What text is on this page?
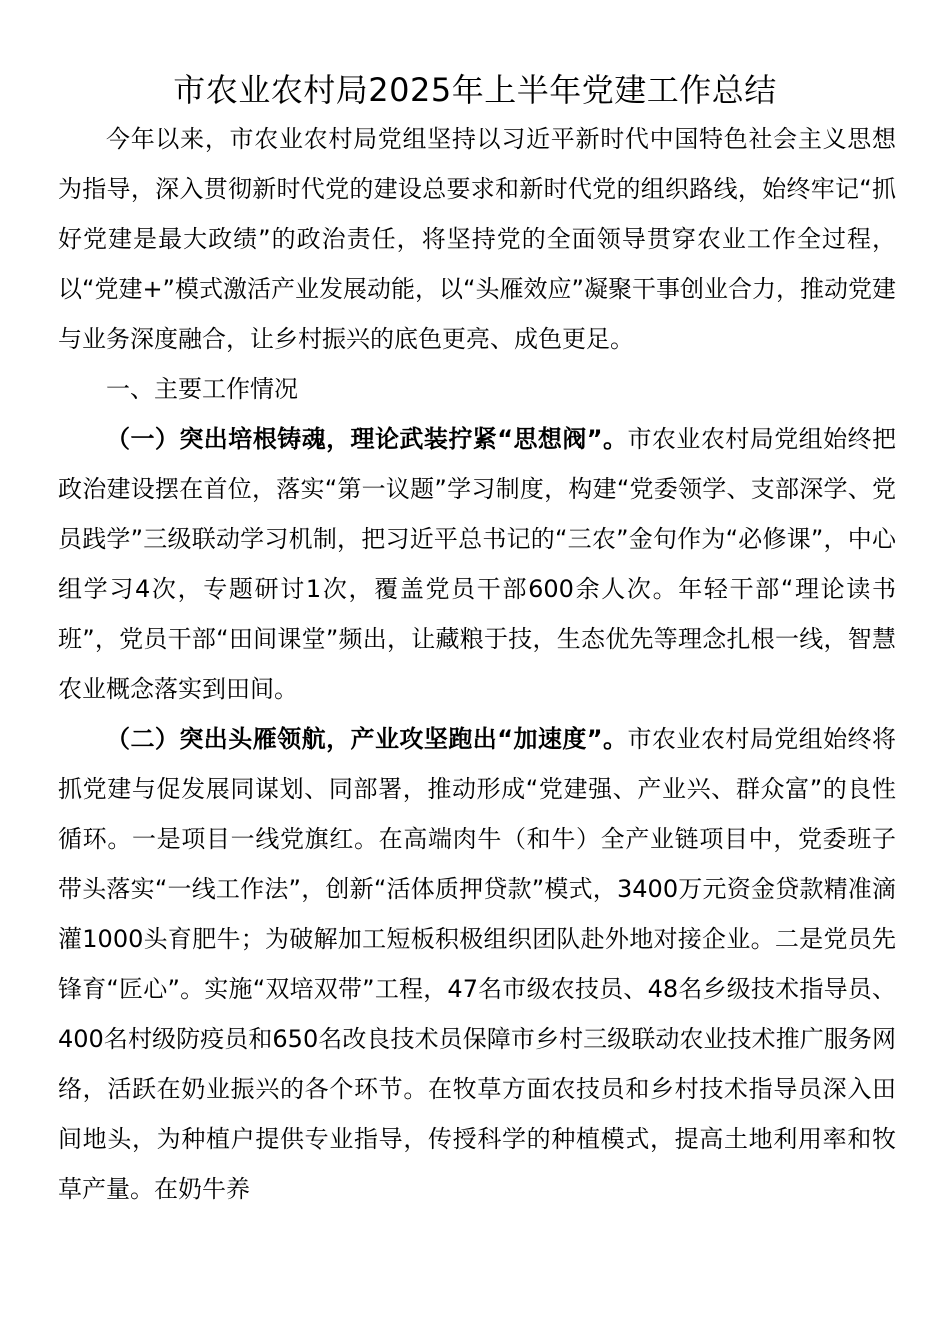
市农业农村局2025年上半年党建工作总结

今年以来，市农业农村局党组坚持以习近平新时代中国特色社会主义思想为指导，深入贯彻新时代党的建设总要求和新时代党的组织路线，始终牢记“抓好党建是最大政绩”的政治责任，将坚持党的全面领导贯穿农业工作全过程，以“党建+”模式激活产业发展动能，以“头雁效应”凝聚干事创业合力，推动党建与业务深度融合，让乡村振兴的底色更亮、成色更足。

一、主要工作情况

（一）突出培根铸魂，理论武装拧紧“思想阀”。市农业农村局党组始终把政治建设摆在首位，落实“第一议题”学习制度，构建“党委领学、支部深学、党员践学”三级联动学习机制，把习近平总书记的“三农”金句作为“必修课”，中心组学习4次，专题研讨1次，覆盖党员干部600余人次。年轻干部“理论读书班”，党员干部“田间课堂”频出，让藏粮于技，生态优先等理念扎根一线，智慧农业概念落实到田间。

（二）突出头雁领航，产业攻坚跑出“加速度”。市农业农村局党组始终将抓党建与促发展同谋划、同部署，推动形成“党建强、产业兴、群众富”的良性循环。一是项目一线党旗红。在高端肉牛（和牛）全产业链项目中，党委班子带头落实“一线工作法”，创新“活体质押贷款”模式，3400万元资金贷款精准滴灌1000头育肥牛；为破解加工短板积极组织团队赴外地对接企业。二是党员先锋育“匠心”。实施“双培双带”工程，47名市级农技员、48名乡级技术指导员、400名村级防疫员和650名改良技术员保障市乡村三级联动农业技术推广服务网络，活跃在奶业振兴的各个环节。在牧草方面农技员和乡村技术指导员深入田间地头，为种植户提供专业指导，传授科学的种植模式，提高土地利用率和牧草产量。在奶牛养
